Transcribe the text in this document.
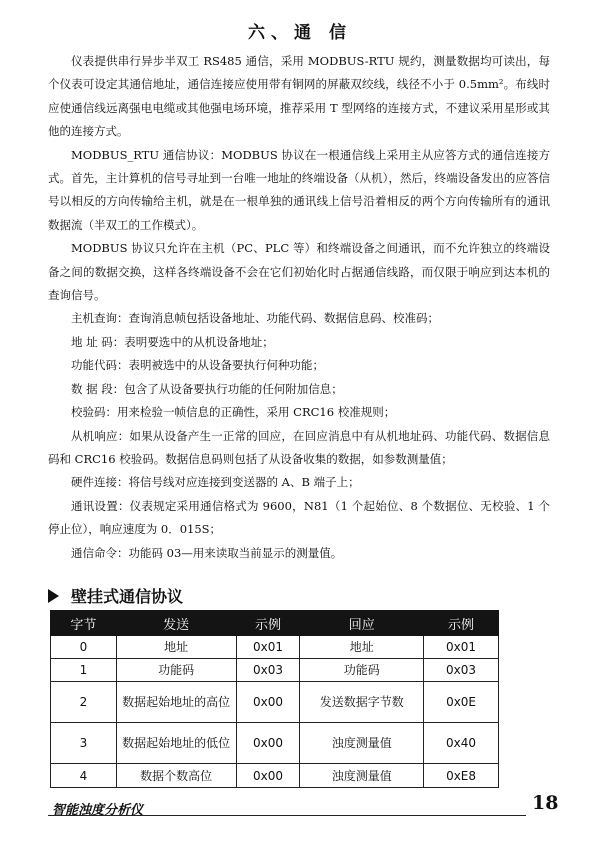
六、通 信

仪表提供串行异步半双工 RS485 通信，采用 MODBUS-RTU 规约，测量数据均可读出，每个仪表可设定其通信地址，通信连接应使用带有铜网的屏蔽双绞线，线径不小于 0.5mm²。布线时应使通信线远离强电电缆或其他强电场环境，推荐采用 T 型网络的连接方式，不建议采用星形或其他的连接方式。

MODBUS_RTU 通信协议：MODBUS 协议在一根通信线上采用主从应答方式的通信连接方式。首先，主计算机的信号寻址到一台唯一地址的终端设备（从机），然后，终端设备发出的应答信号以相反的方向传输给主机，就是在一根单独的通讯线上信号沿着相反的两个方向传输所有的通讯数据流（半双工的工作模式）。

MODBUS 协议只允许在主机（PC、PLC 等）和终端设备之间通讯，而不允许独立的终端设备之间的数据交换，这样各终端设备不会在它们初始化时占据通信线路，而仅限于响应到达本机的查询信号。

主机查询：查询消息帧包括设备地址、功能代码、数据信息码、校准码；

地 址 码：表明要选中的从机设备地址；

功能代码：表明被选中的从设备要执行何种功能；

数 据 段：包含了从设备要执行功能的任何附加信息；

校验码：用来检验一帧信息的正确性，采用 CRC16 校准规则；

从机响应：如果从设备产生一正常的回应，在回应消息中有从机地址码、功能代码、数据信息码和 CRC16 校验码。数据信息码则包括了从设备收集的数据，如参数测量值；

硬件连接：将信号线对应连接到变送器的 A、B 端子上；

通讯设置：仪表规定采用通信格式为 9600，N81（1 个起始位、8 个数据位、无校验、1 个停止位），响应速度为 0．015S；

通信命令：功能码 03—用来读取当前显示的测量值。

壁挂式通信协议
字节	发送	示例	回应	示例
0	地址	0x01	地址	0x01
1	功能码	0x03	功能码	0x03
2	数据起始地址的高位	0x00	发送数据字节数	0x0E
3	数据起始地址的低位	0x00	浊度测量值	0x40
4	数据个数高位	0x00	浊度测量值	0xE8
智能浊度分析仪	18
